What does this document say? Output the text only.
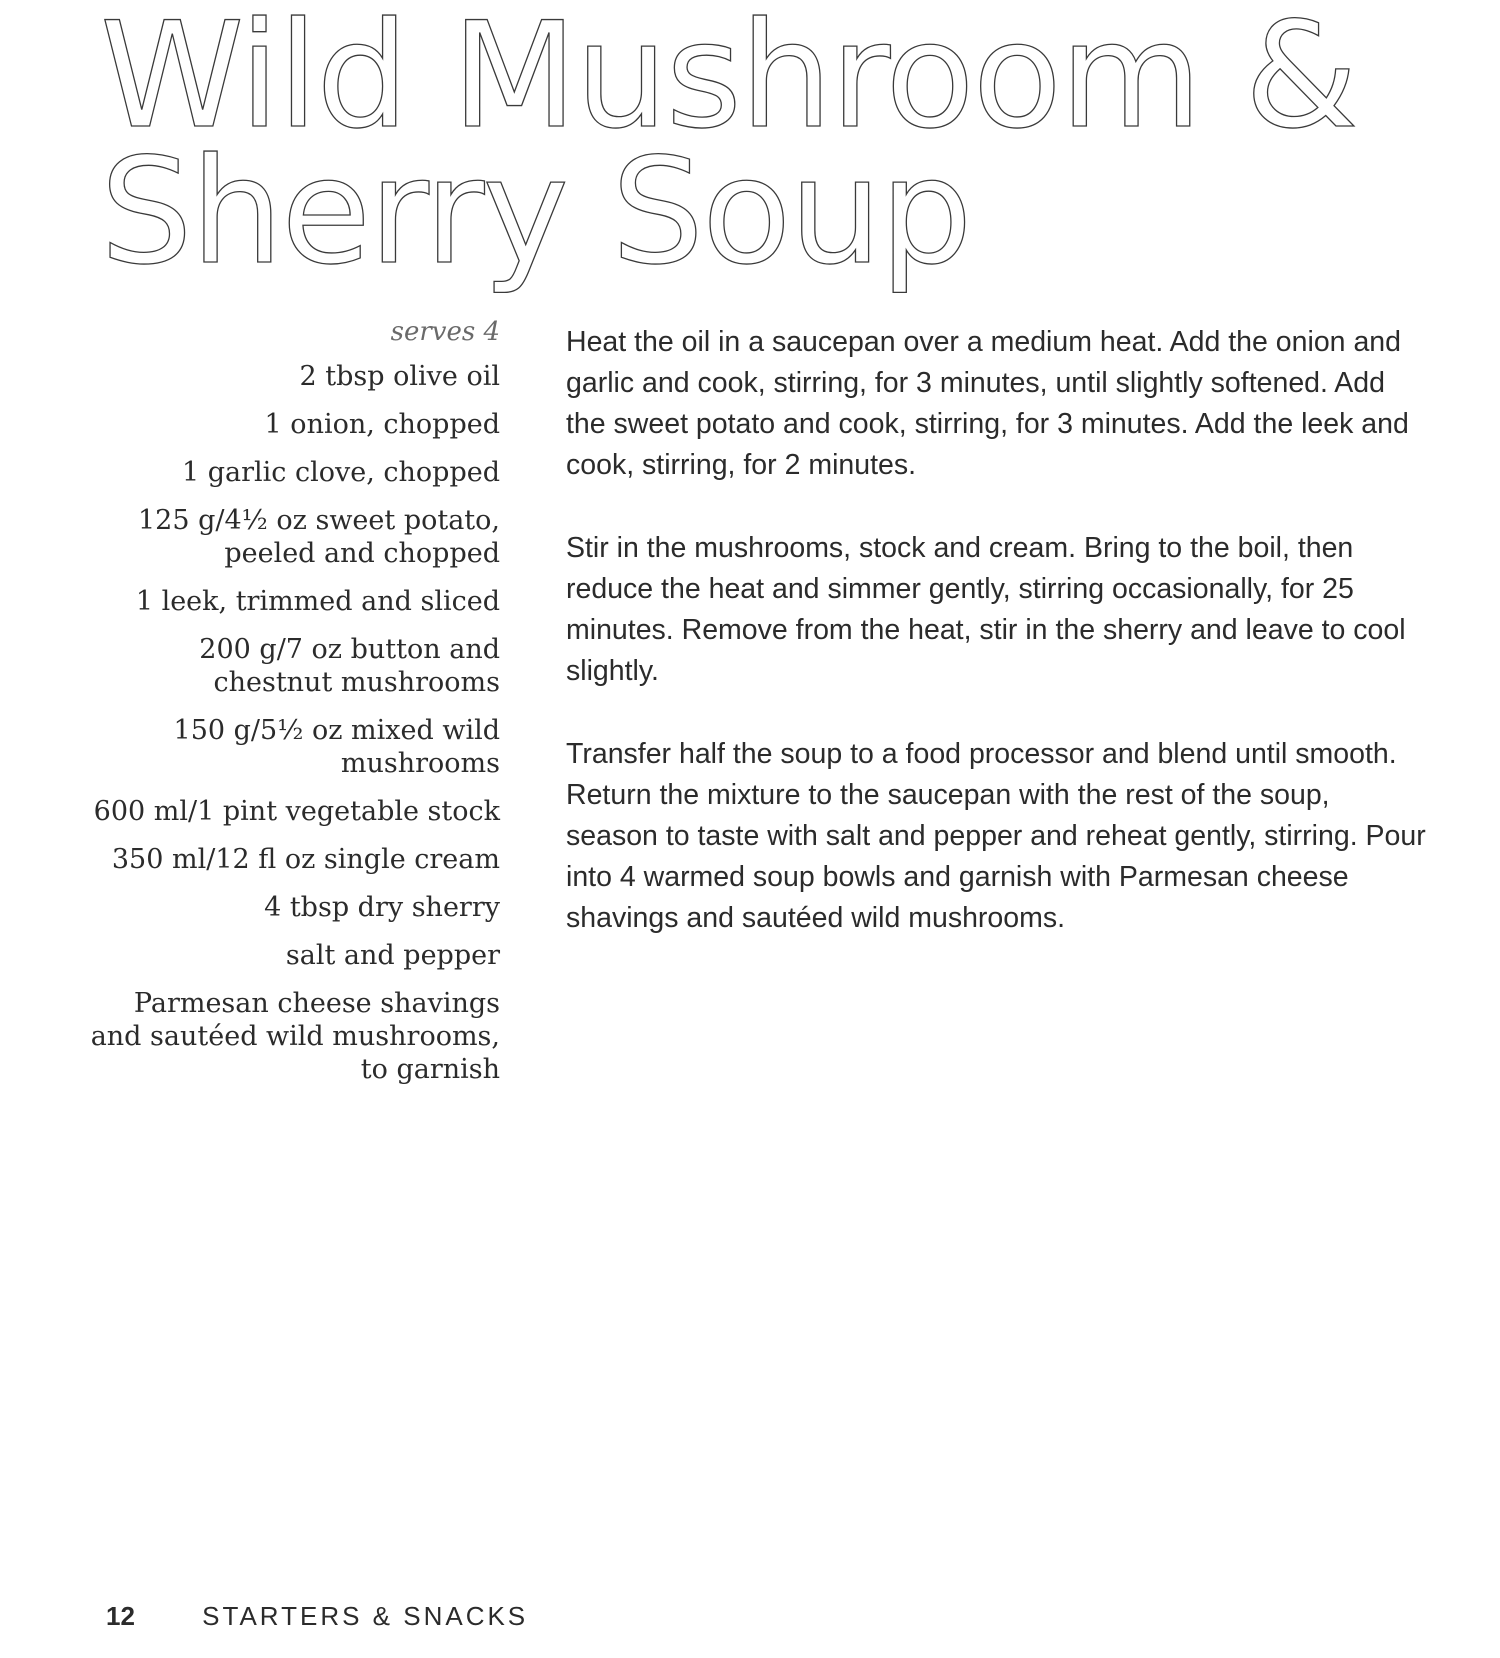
Wild Mushroom &
Sherry Soup
serves 4
2 tbsp olive oil
1 onion, chopped
1 garlic clove, chopped
125 g/4½ oz sweet potato, peeled and chopped
1 leek, trimmed and sliced
200 g/7 oz button and chestnut mushrooms
150 g/5½ oz mixed wild mushrooms
600 ml/1 pint vegetable stock
350 ml/12 fl oz single cream
4 tbsp dry sherry
salt and pepper
Parmesan cheese shavings and sautéed wild mushrooms, to garnish

Heat the oil in a saucepan over a medium heat. Add the onion and garlic and cook, stirring, for 3 minutes, until slightly softened. Add the sweet potato and cook, stirring, for 3 minutes. Add the leek and cook, stirring, for 2 minutes.

Stir in the mushrooms, stock and cream. Bring to the boil, then reduce the heat and simmer gently, stirring occasionally, for 25 minutes. Remove from the heat, stir in the sherry and leave to cool slightly.

Transfer half the soup to a food processor and blend until smooth. Return the mixture to the saucepan with the rest of the soup, season to taste with salt and pepper and reheat gently, stirring. Pour into 4 warmed soup bowls and garnish with Parmesan cheese shavings and sautéed wild mushrooms.

12	STARTERS & SNACKS
